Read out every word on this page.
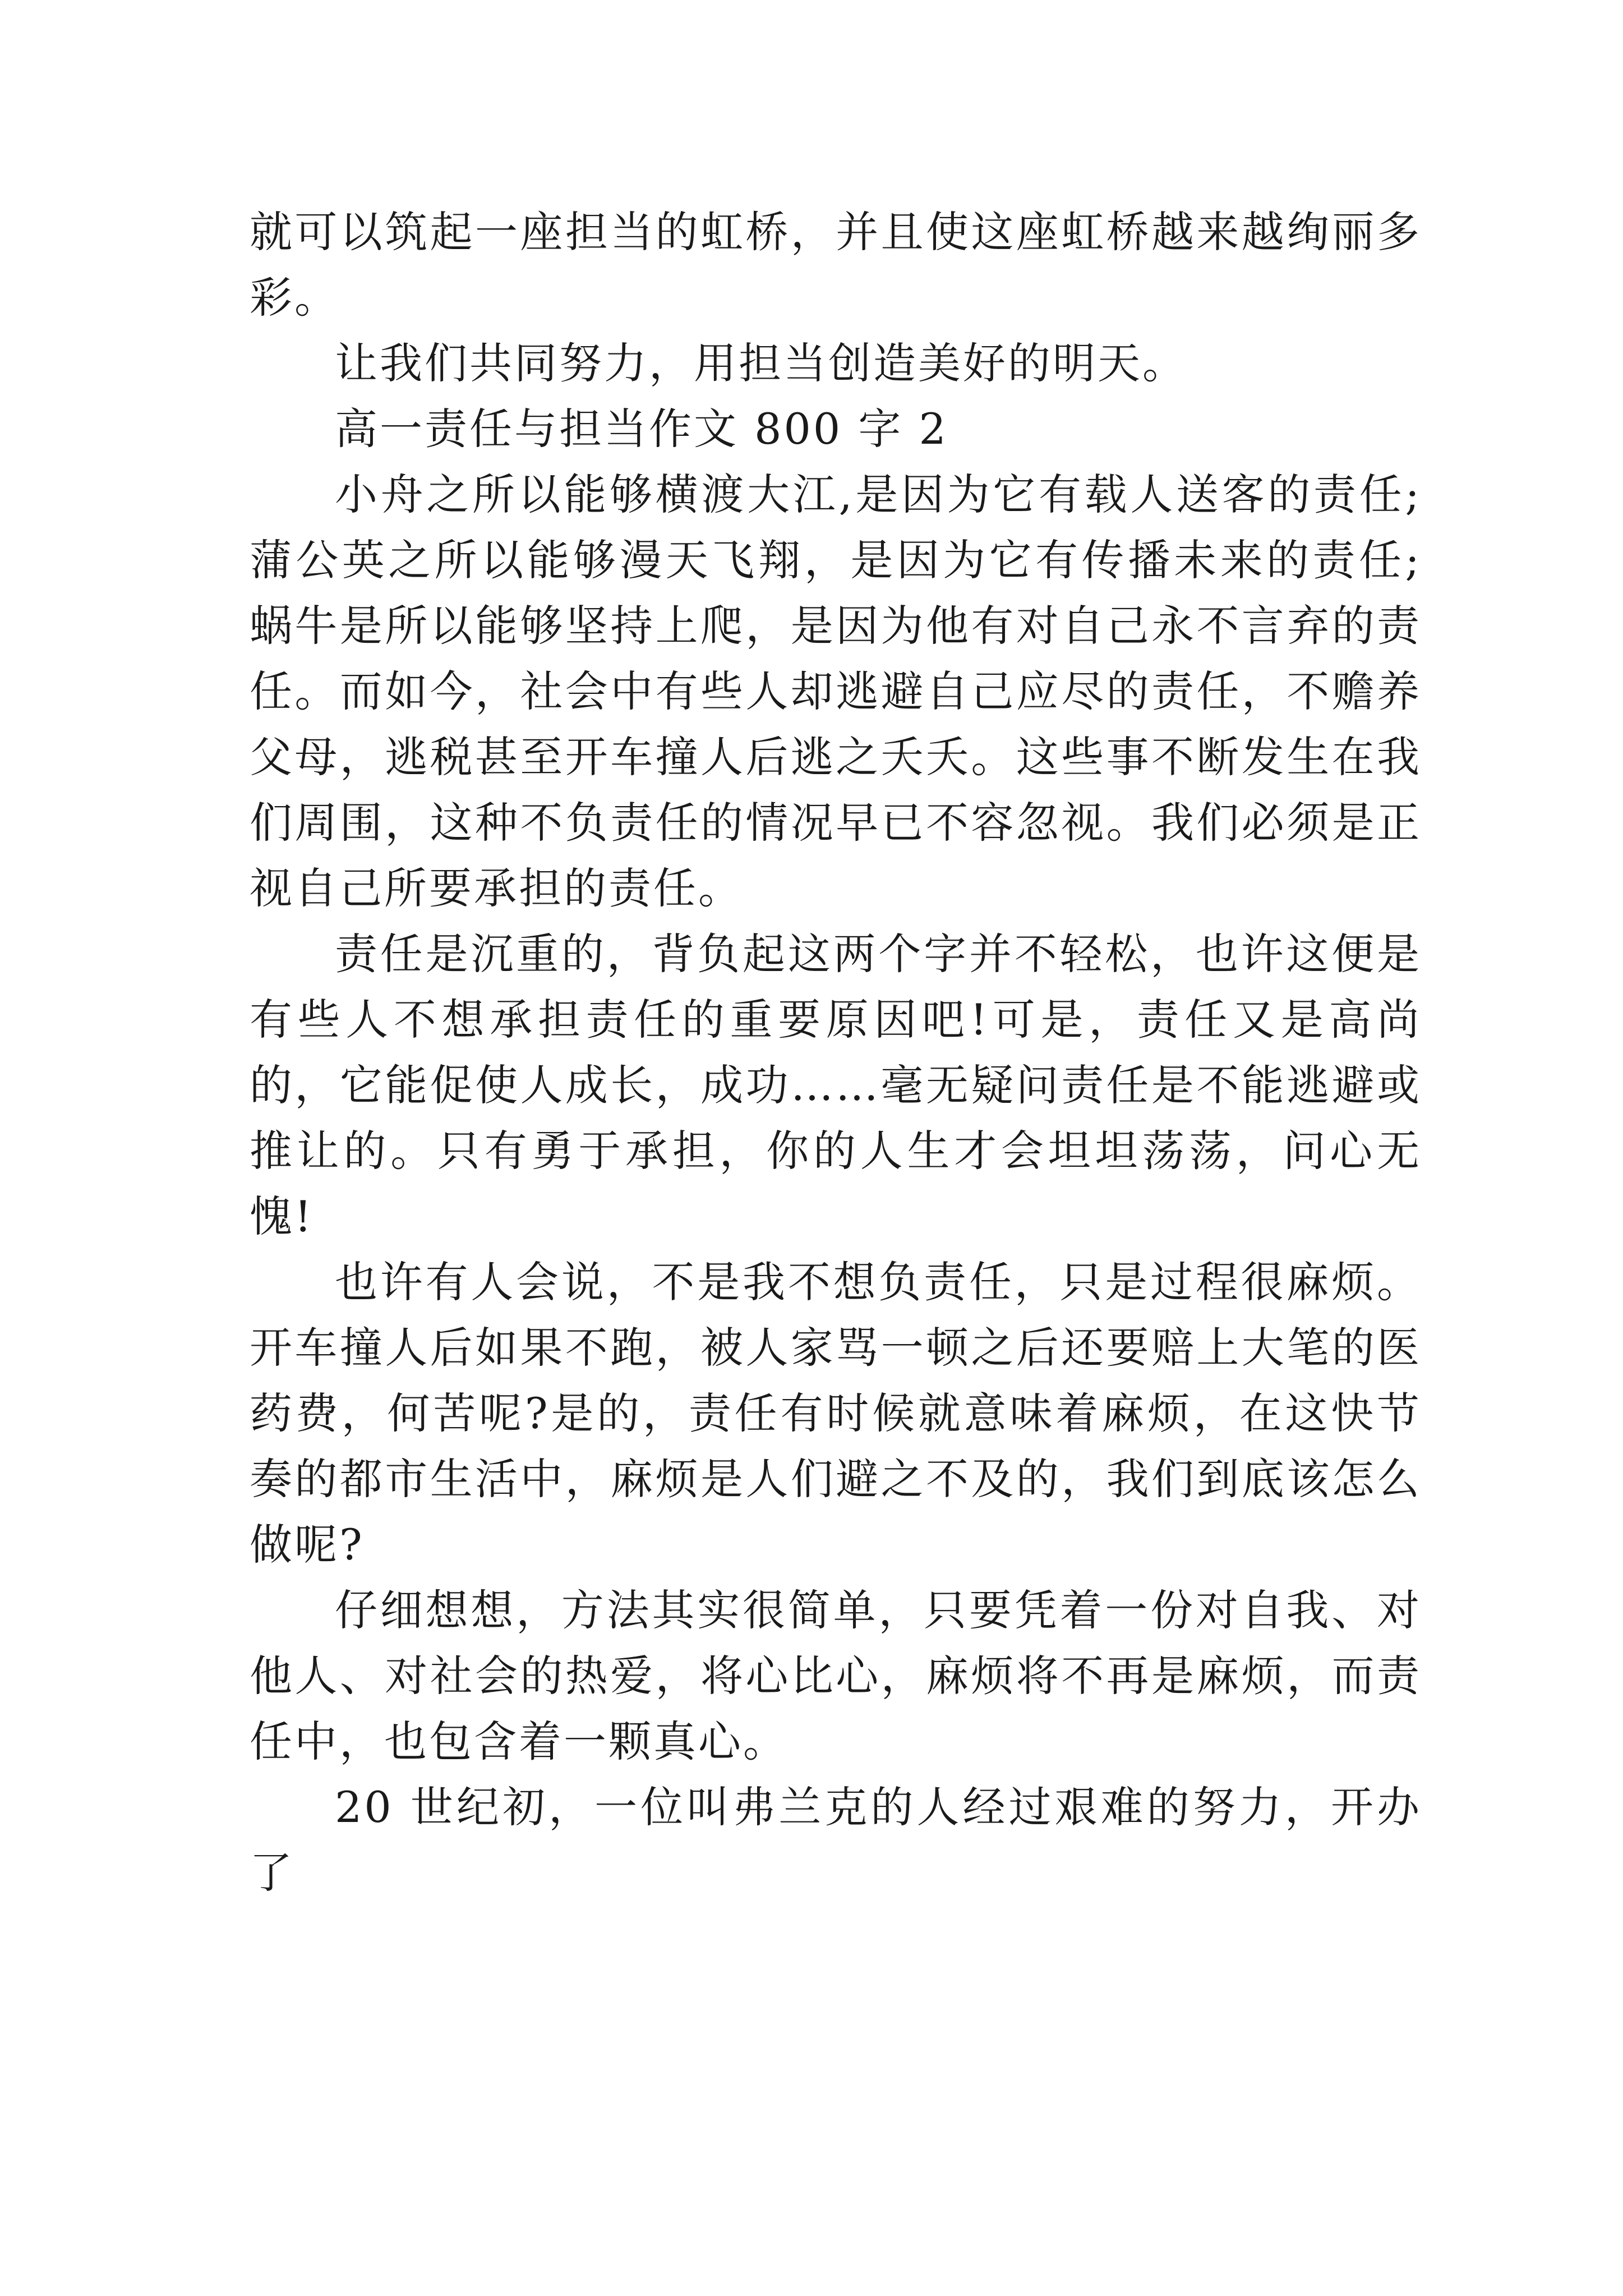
就可以筑起一座担当的虹桥，并且使这座虹桥越来越绚丽多彩。

让我们共同努力，用担当创造美好的明天。

高一责任与担当作文 800 字 2

小舟之所以能够横渡大江,是因为它有载人送客的责任;蒲公英之所以能够漫天飞翔，是因为它有传播未来的责任;蜗牛是所以能够坚持上爬，是因为他有对自己永不言弃的责任。而如今，社会中有些人却逃避自己应尽的责任，不赡养父母，逃税甚至开车撞人后逃之夭夭。这些事不断发生在我们周围，这种不负责任的情况早已不容忽视。我们必须是正视自己所要承担的责任。

责任是沉重的，背负起这两个字并不轻松，也许这便是有些人不想承担责任的重要原因吧!可是，责任又是高尚的，它能促使人成长，成功……毫无疑问责任是不能逃避或推让的。只有勇于承担，你的人生才会坦坦荡荡，问心无愧!

也许有人会说，不是我不想负责任，只是过程很麻烦。开车撞人后如果不跑，被人家骂一顿之后还要赔上大笔的医药费，何苦呢?是的，责任有时候就意味着麻烦，在这快节奏的都市生活中，麻烦是人们避之不及的，我们到底该怎么做呢?

仔细想想，方法其实很简单，只要凭着一份对自我、对他人、对社会的热爱，将心比心，麻烦将不再是麻烦，而责任中，也包含着一颗真心。

20 世纪初，一位叫弗兰克的人经过艰难的努力，开办了
